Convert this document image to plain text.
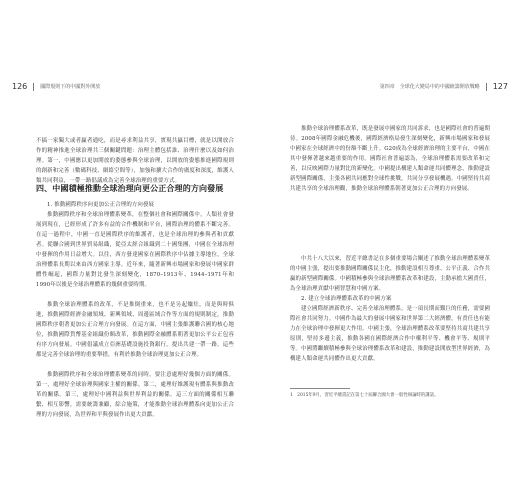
126	國際規則下的中國對外開放

不搞一家獨大或者贏者通吃，而是尋求利益共享，實現共贏目標，就是以開放合作的精神推進全球治理共三個關鍵問題：治理主體包括誰、治理什麼以及如何治理。第一，中國應以更加開放的姿態參與全球治理，以開放的姿態推進國際規則的創新和完善（數碼科技、網絡空間等），加強和擴大合作的廣度和深度，維護人類共同利益，一帶一路倡議成為完善全球治理的重要方式。

四、中國積極推動全球治理向更公正合理的方向發展

1. 推動國際秩序向更加公正合理的方向發展

推動國際秩序和全球治理體系變革，在整個社會和國際關係中，人類社會發展到現在，已經形成了許多有益的合作機制和平台，國際治理的體系不斷完善。在這一過程中，中國一直是國際秩序的維護者，也是全球治理的參與者和貢獻者。從聯合國到世界貿易組織，從亞太經合組織到二十國集團，中國在全球治理中發揮的作用日益增大。以往，西方發達國家在國際秩序中佔據主導地位，全球治理體系長期以來由西方國家主導。近年來，隨著新興市場國家和發展中國家群體性崛起，國際力量對比發生深刻變化，1870–1913年、1944–1971年和1990年以後是全球治理體系的幾個重要時期。

推動全球治理體系的改革，不是推倒重來，也不是另起爐灶，而是與時俱進，推動國際經濟金融領域、新興領域、周邊區域合作等方面的規則制定，推動國際秩序朝著更加公正合理方向發展。在這方面，中國主張維護聯合國的核心地位，推動國際貨幣基金組織份額改革，推動國際金融體系朝著更加公平公正包容有序方向發展。中國倡議成立亞洲基礎設施投資銀行，提出共建一帶一路，這些都是完善全球治理的重要舉措，有利於推動全球治理更加公正合理。

推動國際秩序和全球治理體系變革的同時，要注意處理好幾個方面的關係。第一，處理好全球治理與國家主權的關係。第二，處理好維護現有體系與推動改革的關係。第三，處理好中國利益與世界利益的關係。這三方面的關係相互聯繫、相互影響，需要統籌兼顧，綜合施策，才能推動全球治理體系向更加公正合理的方向發展，為世界和平與發展作出更大貢獻。

第四章　全球化大變局中的中國統籌開放戰略 127

推動全球治理體系改革，既是發展中國家的共同訴求，也是國際社會的普遍期待。2008年國際金融危機後，國際經濟格局發生深刻變化，新興市場國家和發展中國家在全球經濟中的份額不斷上升。G20成為全球經濟治理的主要平台，中國在其中發揮著越來越重要的作用。國際社會普遍認為，全球治理體系需要改革和完善，以反映國際力量對比的新變化。中國提出構建人類命運共同體理念，推動建設新型國際關係，主張各國共同應對全球性挑戰，共同分享發展機遇。中國堅持共商共建共享的全球治理觀，推動全球治理體系朝著更加公正合理的方向發展。

中共十八大以來，習近平總書記在多個重要場合闡述了推動全球治理體系變革的中國主張，提出要推動國際關係民主化，推動建設相互尊重、公平正義、合作共贏的新型國際關係。中國積極參與全球治理體系改革和建設，主動承擔大國責任，為全球治理貢獻中國智慧和中國方案。

2. 建立全球治理體系改革的中國方案

建立國際經濟新秩序、完善全球治理體系，是一項長期而艱巨的任務，需要國際社會共同努力。中國作為最大的發展中國家和世界第二大經濟體，有責任也有能力在全球治理中發揮更大作用。中國主張，全球治理體系改革要堅持共商共建共享原則，堅持多邊主義，推動各國在國際經濟合作中權利平等、機會平等、規則平等。中國將繼續積極參與全球治理體系改革和建設，推動建設開放型世界經濟，為構建人類命運共同體作出更大貢獻。

1　2015年9月，習近平總書記在第七十屆聯合國大會一般性辯論時的講話。
